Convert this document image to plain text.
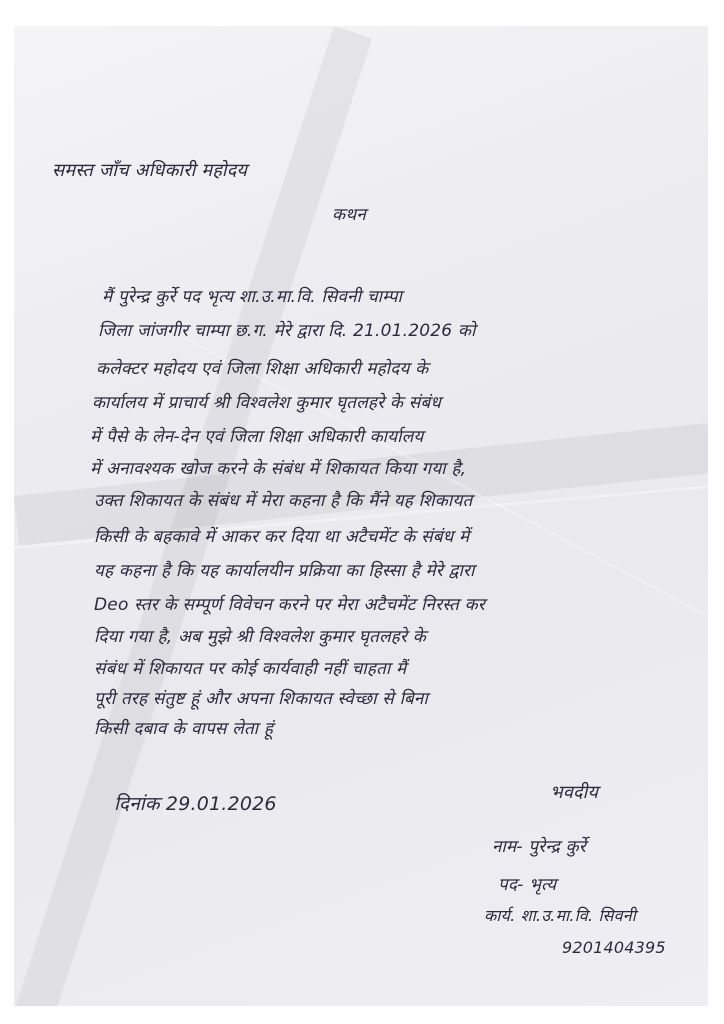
समस्त जाँच अधिकारी महोदय
कथन
मैं पुरेन्द्र कुर्रे पद भृत्य शा.उ.मा.वि. सिवनी चाम्पा
जिला जांजगीर चाम्पा छ.ग. मेरे द्वारा दि. 21.01.2026 को
कलेक्टर महोदय एवं जिला शिक्षा अधिकारी महोदय के
कार्यालय में प्राचार्य श्री विश्वलेश कुमार घृतलहरे के संबंध
में पैसे के लेन-देन एवं जिला शिक्षा अधिकारी कार्यालय
में अनावश्यक खोज करने के संबंध में शिकायत किया गया है,
उक्त शिकायत के संबंध में मेरा कहना है कि मैंने यह शिकायत
किसी के बहकावे में आकर कर दिया था अटैचमेंट के संबंध में
यह कहना है कि यह कार्यालयीन प्रक्रिया का हिस्सा है मेरे द्वारा
Deo स्तर के सम्पूर्ण विवेचन करने पर मेरा अटैचमेंट निरस्त कर
दिया गया है, अब मुझे श्री विश्वलेश कुमार घृतलहरे के
संबंध में शिकायत पर कोई कार्यवाही नहीं चाहता मैं
पूरी तरह संतुष्ट हूं और अपना शिकायत स्वेच्छा से बिना
किसी दबाव के वापस लेता हूं
दिनांक 29.01.2026
भवदीय
नाम- पुरेन्द्र कुर्रे
पद- भृत्य
कार्य. शा.उ.मा.वि. सिवनी
9201404395
